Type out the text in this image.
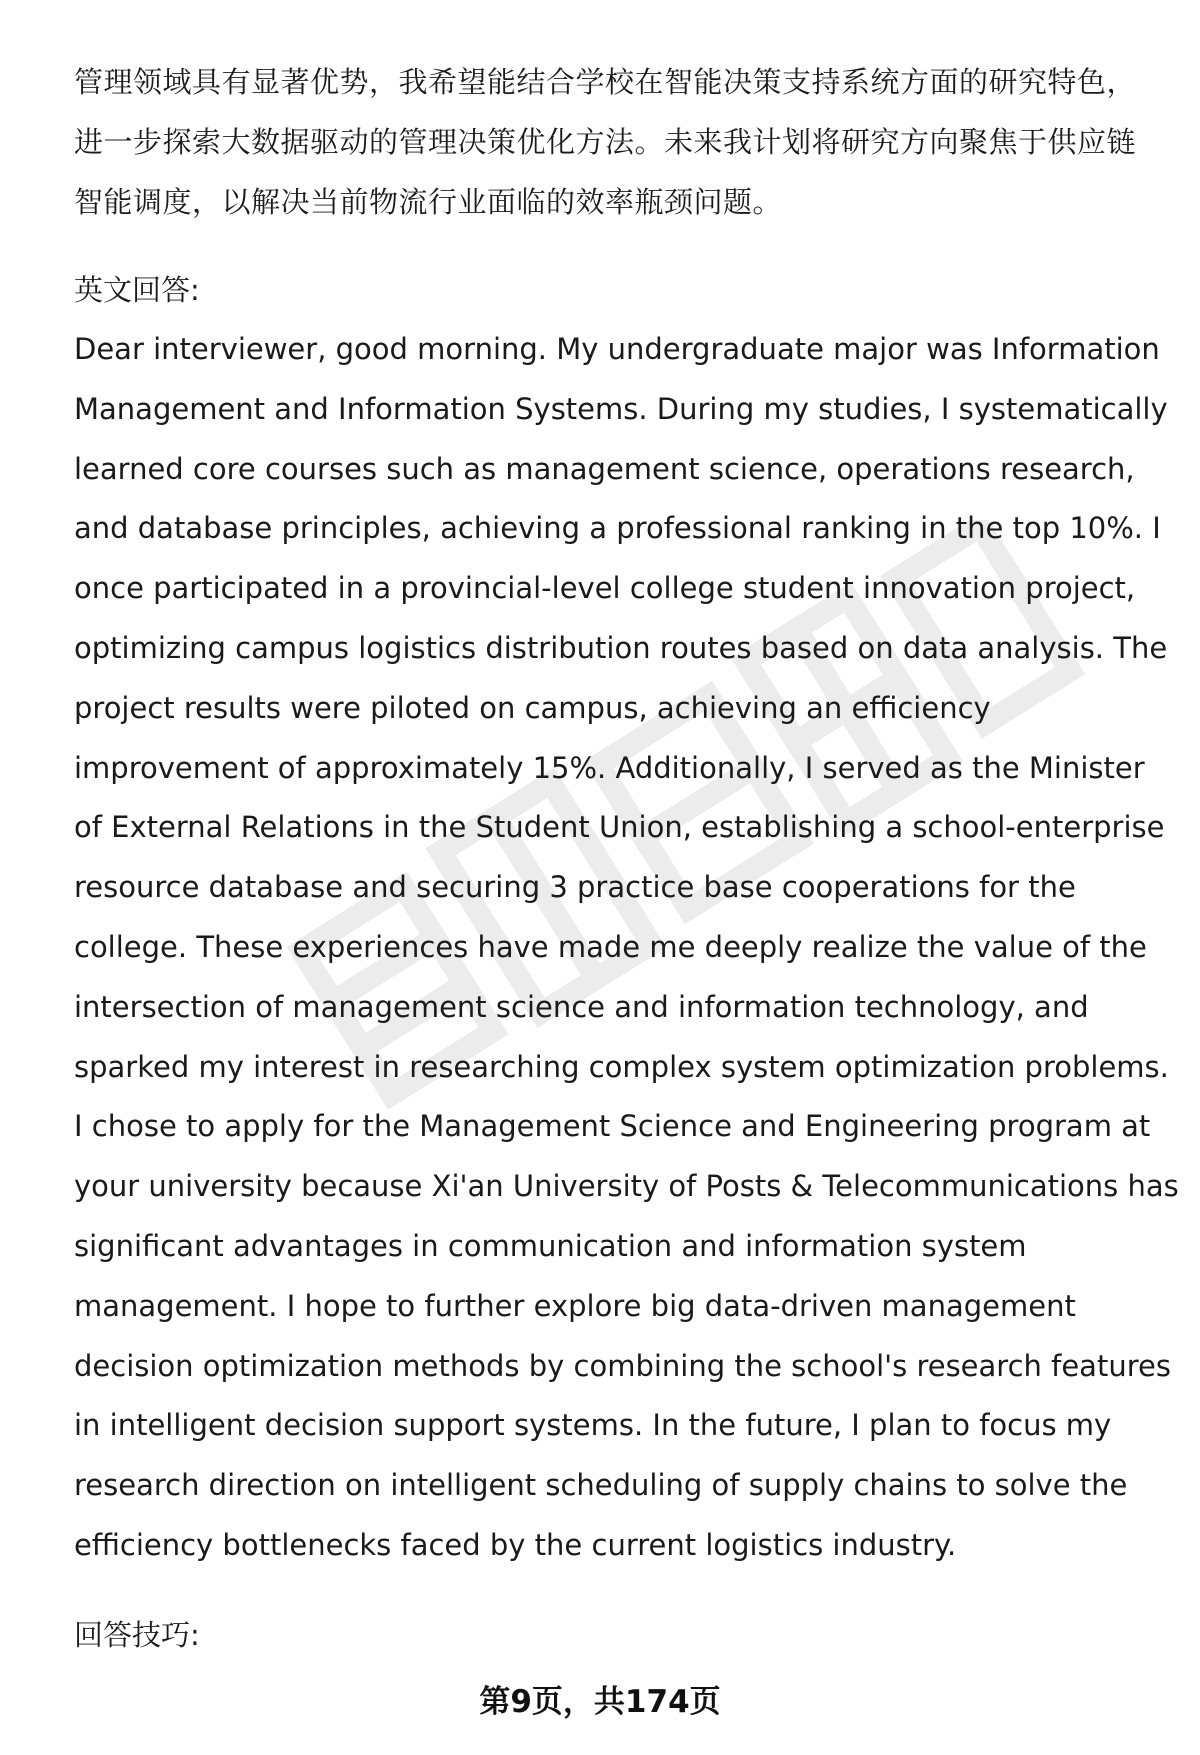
管理领域具有显著优势，我希望能结合学校在智能决策支持系统方面的研究特色，
进一步探索大数据驱动的管理决策优化方法。未来我计划将研究方向聚焦于供应链
智能调度，以解决当前物流行业面临的效率瓶颈问题。
英文回答:
Dear interviewer, good morning. My undergraduate major was Information
Management and Information Systems. During my studies, I systematically
learned core courses such as management science, operations research,
and database principles, achieving a professional ranking in the top 10%. I
once participated in a provincial-level college student innovation project,
optimizing campus logistics distribution routes based on data analysis. The
project results were piloted on campus, achieving an efficiency
improvement of approximately 15%. Additionally, I served as the Minister
of External Relations in the Student Union, establishing a school-enterprise
resource database and securing 3 practice base cooperations for the
college. These experiences have made me deeply realize the value of the
intersection of management science and information technology, and
sparked my interest in researching complex system optimization problems.
I chose to apply for the Management Science and Engineering program at
your university because Xi'an University of Posts & Telecommunications has
significant advantages in communication and information system
management. I hope to further explore big data-driven management
decision optimization methods by combining the school's research features
in intelligent decision support systems. In the future, I plan to focus my
research direction on intelligent scheduling of supply chains to solve the
efficiency bottlenecks faced by the current logistics industry.
回答技巧:
第9页，共174页
